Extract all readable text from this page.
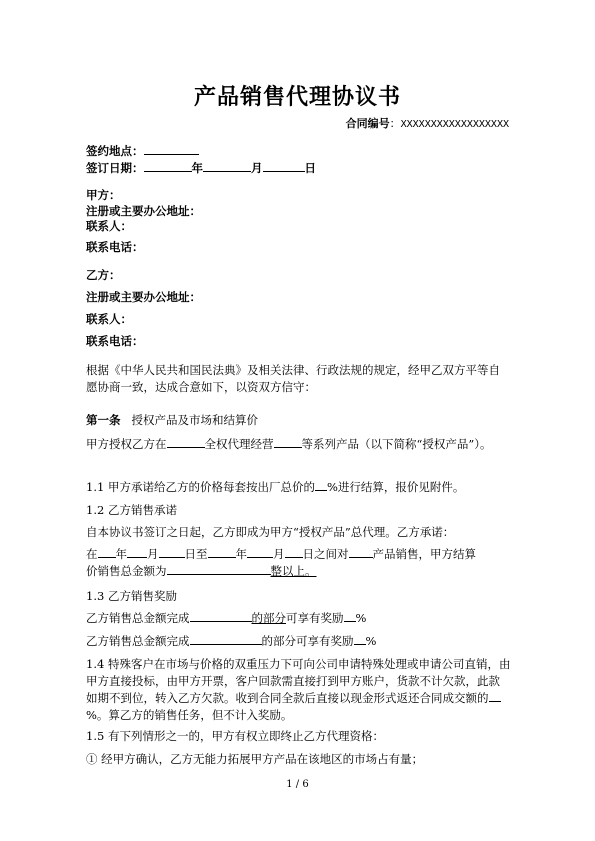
产品销售代理协议书
合同编号：XXXXXXXXXXXXXXXXXX
签约地点：
签订日期：	年	月	日
甲方：
注册或主要办公地址：
联系人：
联系电话：
乙方：
注册或主要办公地址：
联系人：
联系电话：
根据《中华人民共和国民法典》及相关法律、行政法规的规定，经甲乙双方平等自愿协商一致，达成合意如下，以资双方信守：
第一条 授权产品及市场和结算价
甲方授权乙方在	全权代理经营 等系列产品（以下简称“授权产品”）。
1.1 甲方承诺给乙方的价格每套按出厂总价的 %进行结算，报价见附件。
1.2 乙方销售承诺
自本协议书签订之日起，乙方即成为甲方“授权产品”总代理。乙方承诺：
在 年 月 日至 年 月 日之间对 产品销售，甲方结算
价销售总金额为	整以上。
1.3 乙方销售奖励
乙方销售总金额完成	的部分可享有奖励 %
乙方销售总金额完成	的部分可享有奖励 %
1.4 特殊客户在市场与价格的双重压力下可向公司申请特殊处理或申请公司直销，由甲方直接投标，由甲方开票，客户回款需直接打到甲方账户，货款不计欠款，此款如期不到位，转入乙方欠款。收到合同全款后直接以现金形式返还合同成交额的%。算乙方的销售任务，但不计入奖励。
1.5 有下列情形之一的，甲方有权立即终止乙方代理资格：
① 经甲方确认，乙方无能力拓展甲方产品在该地区的市场占有量；
1 / 6
